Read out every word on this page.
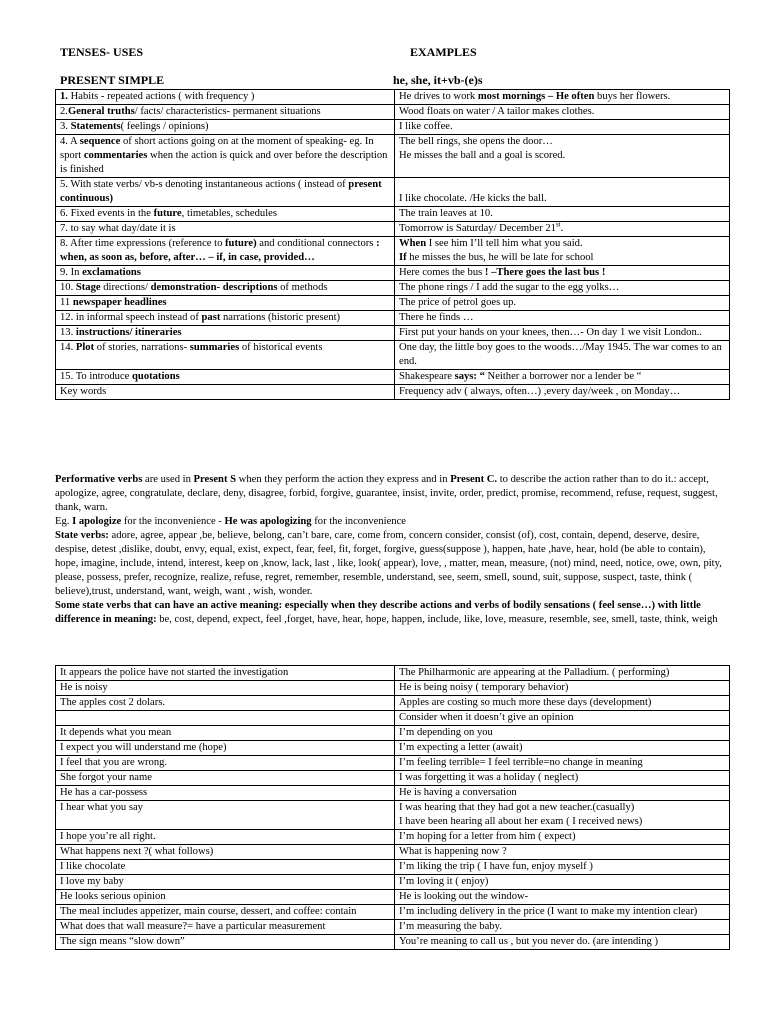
TENSES- USES	EXAMPLES
PRESENT SIMPLE	he, she, it+vb-(e)s
1. Habits - repeated actions ( with frequency )	He drives to work most mornings – He often buys her flowers.
2.General truths/ facts/ characteristics- permanent situations	Wood floats on water / A tailor makes clothes.
3. Statements( feelings / opinions)	I like coffee.
4. A sequence of short actions going on at the moment of speaking- eg. In sport commentaries when the action is quick and over before the description is finished	The bell rings, she opens the door…
He misses the ball and a goal is scored.
5. With state verbs/ vb-s denoting instantaneous actions ( instead of present continuous)	I like chocolate. /He kicks the ball.
6. Fixed events in the future, timetables, schedules	The train leaves at 10.
7. to say what day/date it is	Tomorrow is Saturday/ December 21st.
8. After time expressions (reference to future) and conditional connectors : when, as soon as, before, after… – if, in case, provided…	When I see him I’ll tell him what you said.
If he misses the bus, he will be late for school
9. In exclamations	Here comes the bus ! –There goes the last bus !
10. Stage directions/ demonstration- descriptions of methods	The phone rings / I add the sugar to the egg yolks…
11 newspaper headlines	The price of petrol goes up.
12. in informal speech instead of past narrations (historic present)	There he finds …
13. instructions/ itineraries	First put your hands on your knees, then…- On day 1 we visit London..
14. Plot of stories, narrations- summaries of historical events	One day, the little boy goes to the woods…/May 1945. The war comes to an end.
15. To introduce quotations	Shakespeare says: “ Neither a borrower nor a lender be “
Key words	Frequency adv ( always, often…) ,every day/week , on Monday…

Performative verbs are used in Present S when they perform the action they express and in Present C. to describe the action rather than to do it.: accept, apologize, agree, congratulate, declare, deny, disagree, forbid, forgive, guarantee, insist, invite, order, predict, promise, recommend, refuse, request, suggest, thank, warn.

Eg. I apologize for the inconvenience - He was apologizing for the inconvenience

State verbs: adore, agree, appear ,be, believe, belong, can’t bare, care, come from, concern consider, consist (of), cost, contain, depend, deserve, desire, despise, detest ,dislike, doubt, envy, equal, exist, expect, fear, feel, fit, forget, forgive, guess(suppose ), happen, hate ,have, hear, hold (be able to contain), hope, imagine, include, intend, interest, keep on ,know, lack, last , like, look( appear), love, , matter, mean, measure, (not) mind, need, notice, owe, own, pity, please, possess, prefer, recognize, realize, refuse, regret, remember, resemble, understand, see, seem, smell, sound, suit, suppose, suspect, taste, think ( believe),trust, understand, want, weigh, want , wish, wonder.

Some state verbs that can have an active meaning: especially when they describe actions and verbs of bodily sensations ( feel sense…) with little difference in meaning: be, cost, depend, expect, feel ,forget, have, hear, hope, happen, include, like, love, measure, resemble, see, smell, taste, think, weigh

It appears the police have not started the investigation	The Philharmonic are appearing at the Palladium. ( performing)
He is noisy	He is being noisy ( temporary behavior)
The apples cost 2 dolars.	Apples are costing so much more these days (development)
	Consider when it doesn’t give an opinion
It depends what you mean	I’m depending on you
I expect you will understand me (hope)	I’m expecting a letter (await)
I feel that you are wrong.	I’m feeling terrible= I feel terrible=no change in meaning
She forgot your name	I was forgetting it was a holiday ( neglect)
He has a car-possess	He is having a conversation
I hear what you say	I was hearing that they had got a new teacher.(casually)
I have been hearing all about her exam ( I received news)
I hope you’re all right.	I’m hoping for a letter from him ( expect)
What happens next ?( what follows)	What is happening now ?
I like chocolate	I’m liking the trip ( I have fun, enjoy myself )
I love my baby	I’m loving it ( enjoy)
He looks serious opinion	He is looking out the window-
The meal includes appetizer, main course, dessert, and coffee: contain	I’m including delivery in the price (I want to make my intention clear)
What does that wall measure?= have a particular measurement	I’m measuring the baby.
The sign means “slow down”	You’re meaning to call us , but you never do. (are intending )
